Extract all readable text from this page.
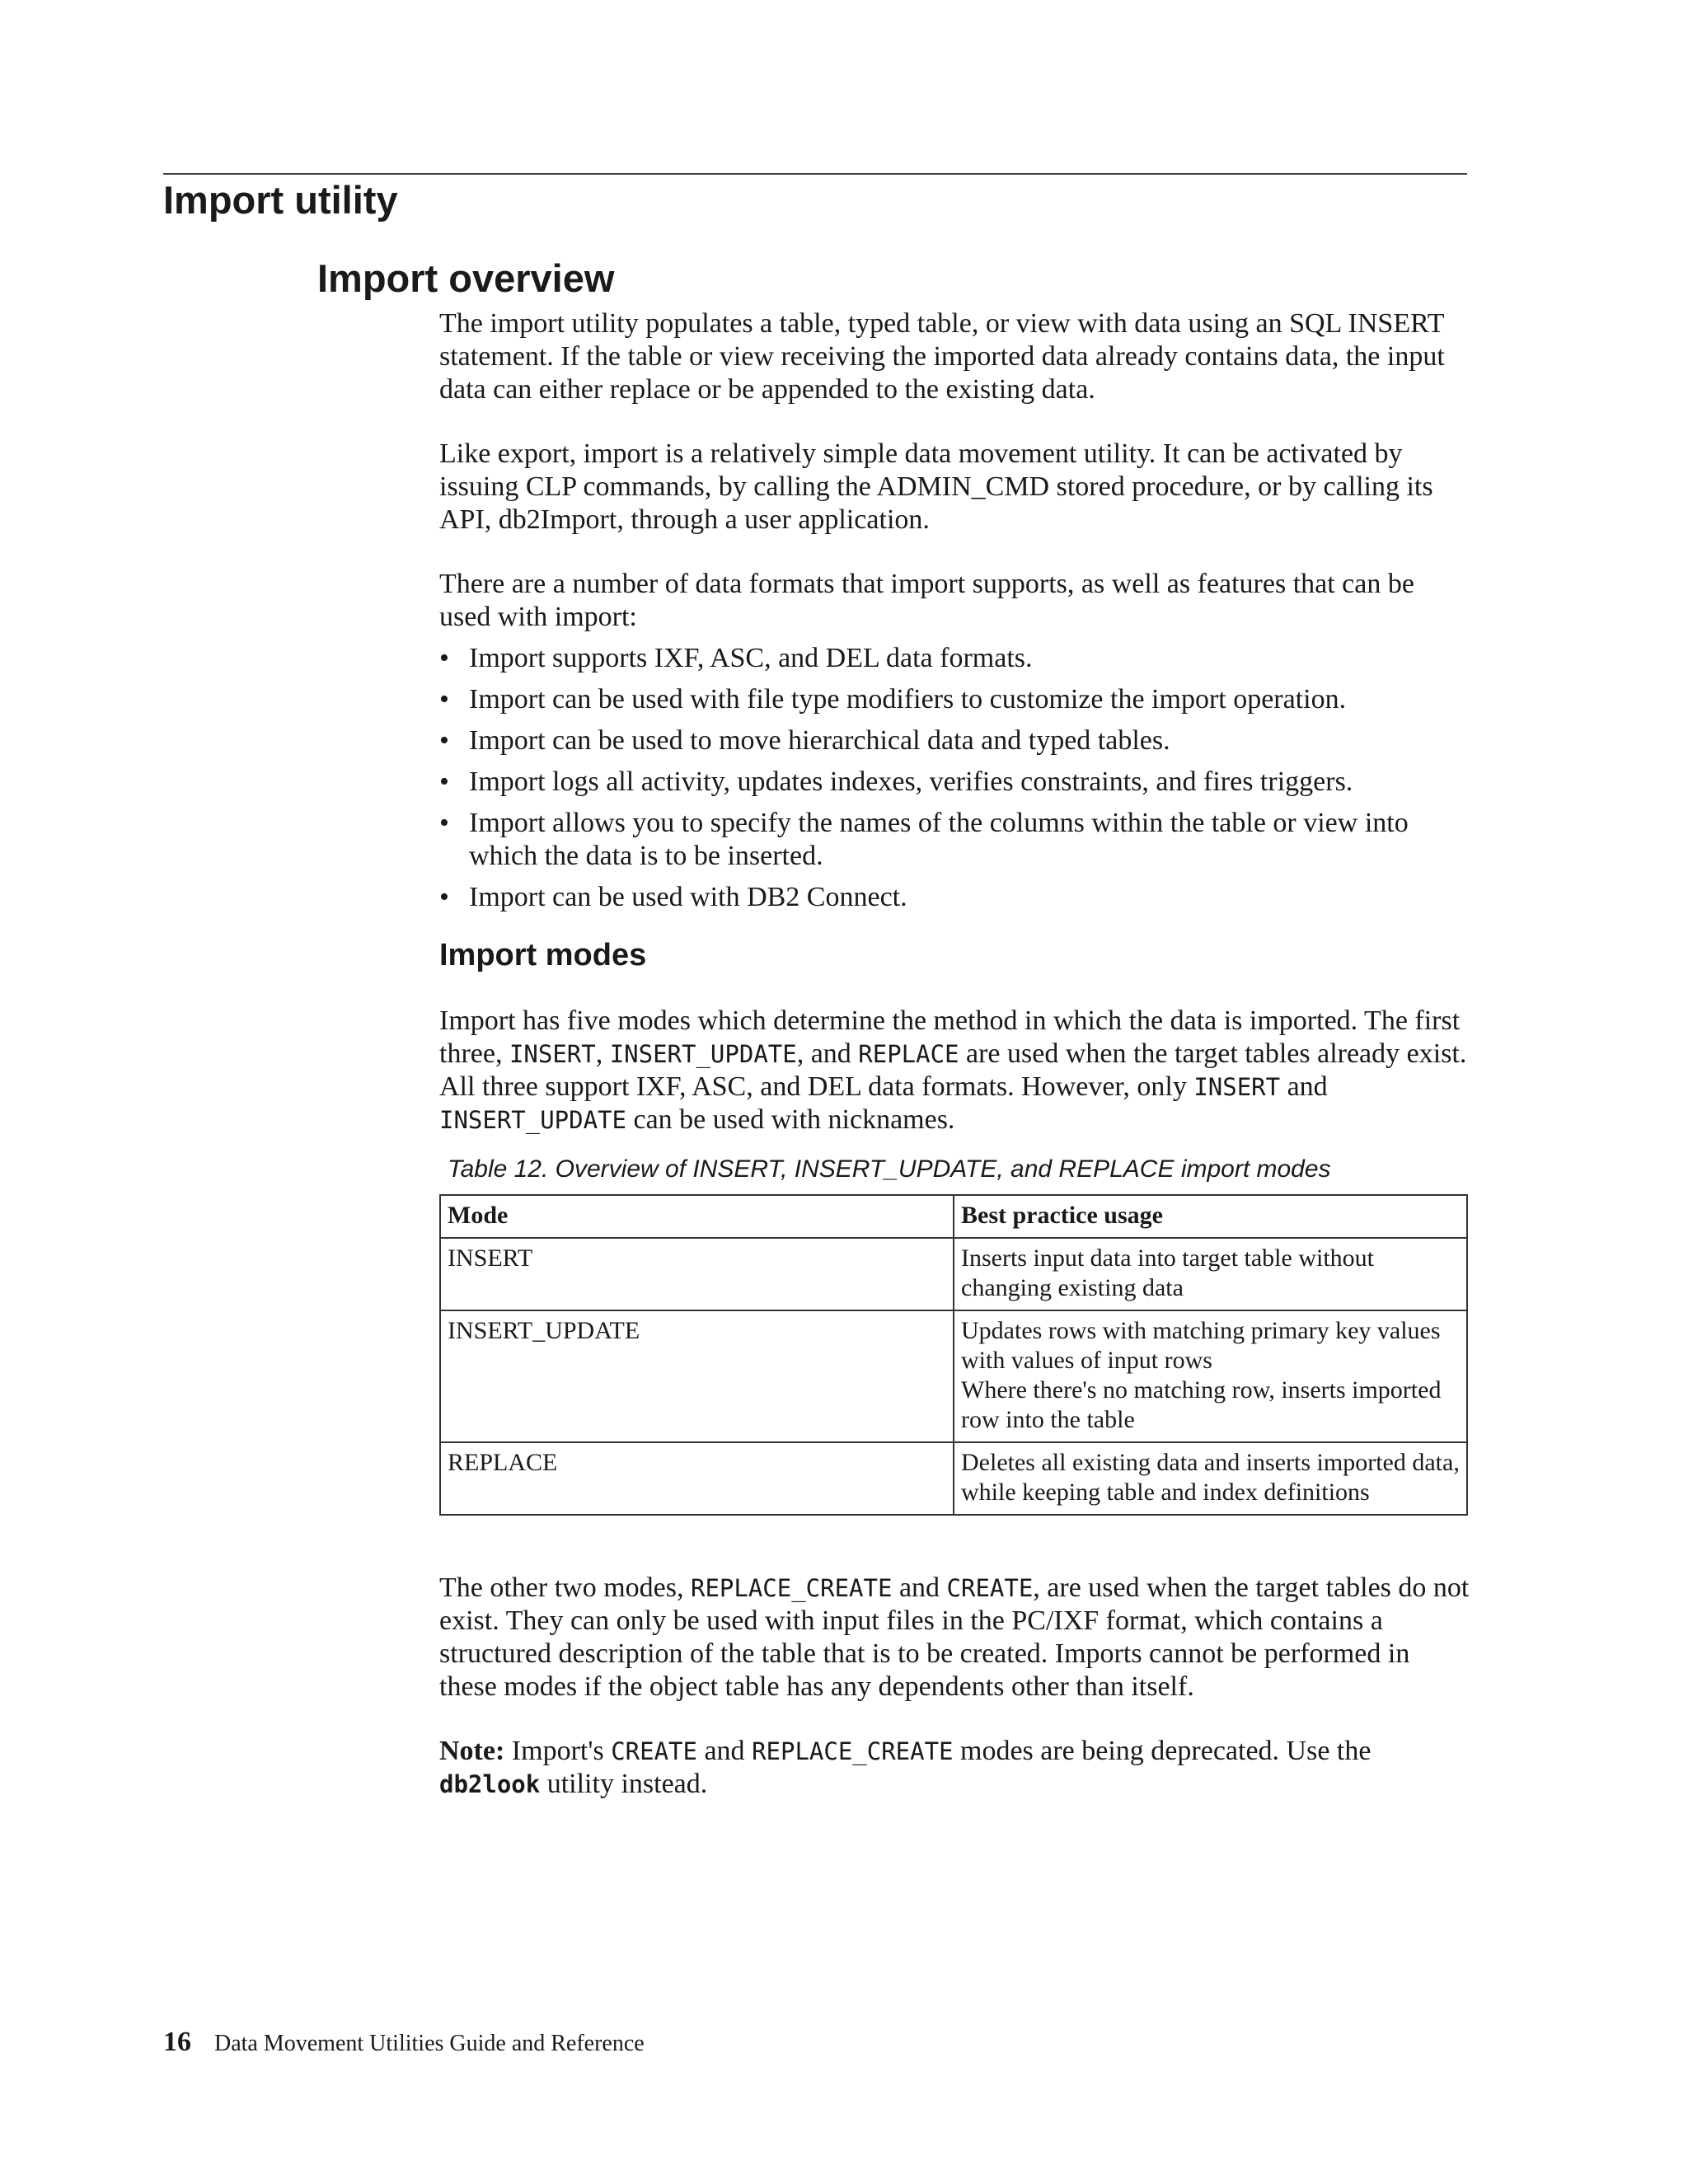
Import utility
Import overview

The import utility populates a table, typed table, or view with data using an SQL INSERT statement. If the table or view receiving the imported data already contains data, the input data can either replace or be appended to the existing data.

Like export, import is a relatively simple data movement utility. It can be activated by issuing CLP commands, by calling the ADMIN_CMD stored procedure, or by calling its API, db2Import, through a user application.

There are a number of data formats that import supports, as well as features that can be used with import:

• Import supports IXF, ASC, and DEL data formats.
• Import can be used with file type modifiers to customize the import operation.
• Import can be used to move hierarchical data and typed tables.
• Import logs all activity, updates indexes, verifies constraints, and fires triggers.
• Import allows you to specify the names of the columns within the table or view into which the data is to be inserted.
• Import can be used with DB2 Connect.
Import modes

Import has five modes which determine the method in which the data is imported. The first three, INSERT, INSERT_UPDATE, and REPLACE are used when the target tables already exist. All three support IXF, ASC, and DEL data formats. However, only INSERT and INSERT_UPDATE can be used with nicknames.

Table 12. Overview of INSERT, INSERT_UPDATE, and REPLACE import modes
Mode	Best practice usage
INSERT	Inserts input data into target table without changing existing data

INSERT_UPDATE	Updates rows with matching primary key values with values of input rows
Where there's no matching row, inserts imported row into the table

REPLACE	Deletes all existing data and inserts imported data, while keeping table and index definitions

The other two modes, REPLACE_CREATE and CREATE, are used when the target tables do not exist. They can only be used with input files in the PC/IXF format, which contains a structured description of the table that is to be created. Imports cannot be performed in these modes if the object table has any dependents other than itself.

Note: Import's CREATE and REPLACE_CREATE modes are being deprecated. Use the db2look utility instead.

16 Data Movement Utilities Guide and Reference
